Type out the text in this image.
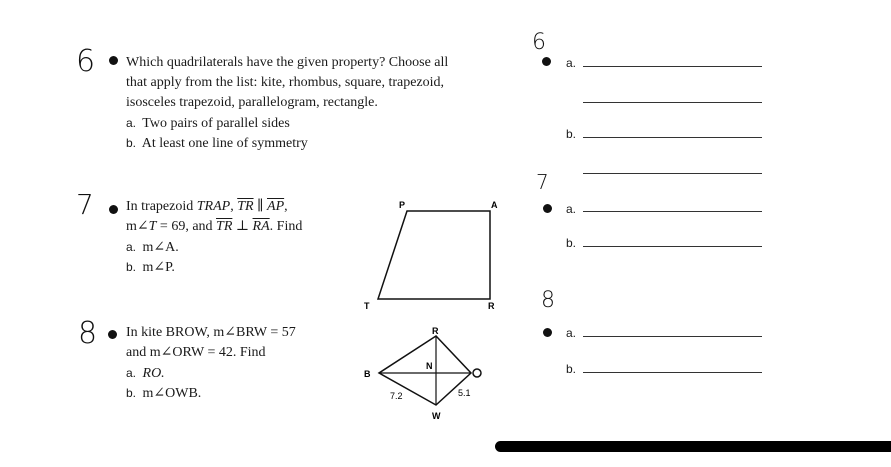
6 Which quadrilaterals have the given property? Choose all
that apply from the list: kite, rhombus, square, trapezoid,
isosceles trapezoid, parallelogram, rectangle.
a. Two pairs of parallel sides
b. At least one line of symmetry
7 In trapezoid TRAP, $\overline{TR}$ ∥ $\overline{AP}$,
m∠T = 69, and $\overline{TR}$ ⊥ $\overline{RA}$. Find
a. m∠A.
b. m∠P.
P	A
T	R
8 In kite BROW, m∠BRW = 57
and m∠ORW = 42. Find
a. RO.
b. m∠OWB.
R
B
N
W
7.2	5.1
6
a.
b.
7
a.
b.
8
a.
b.
